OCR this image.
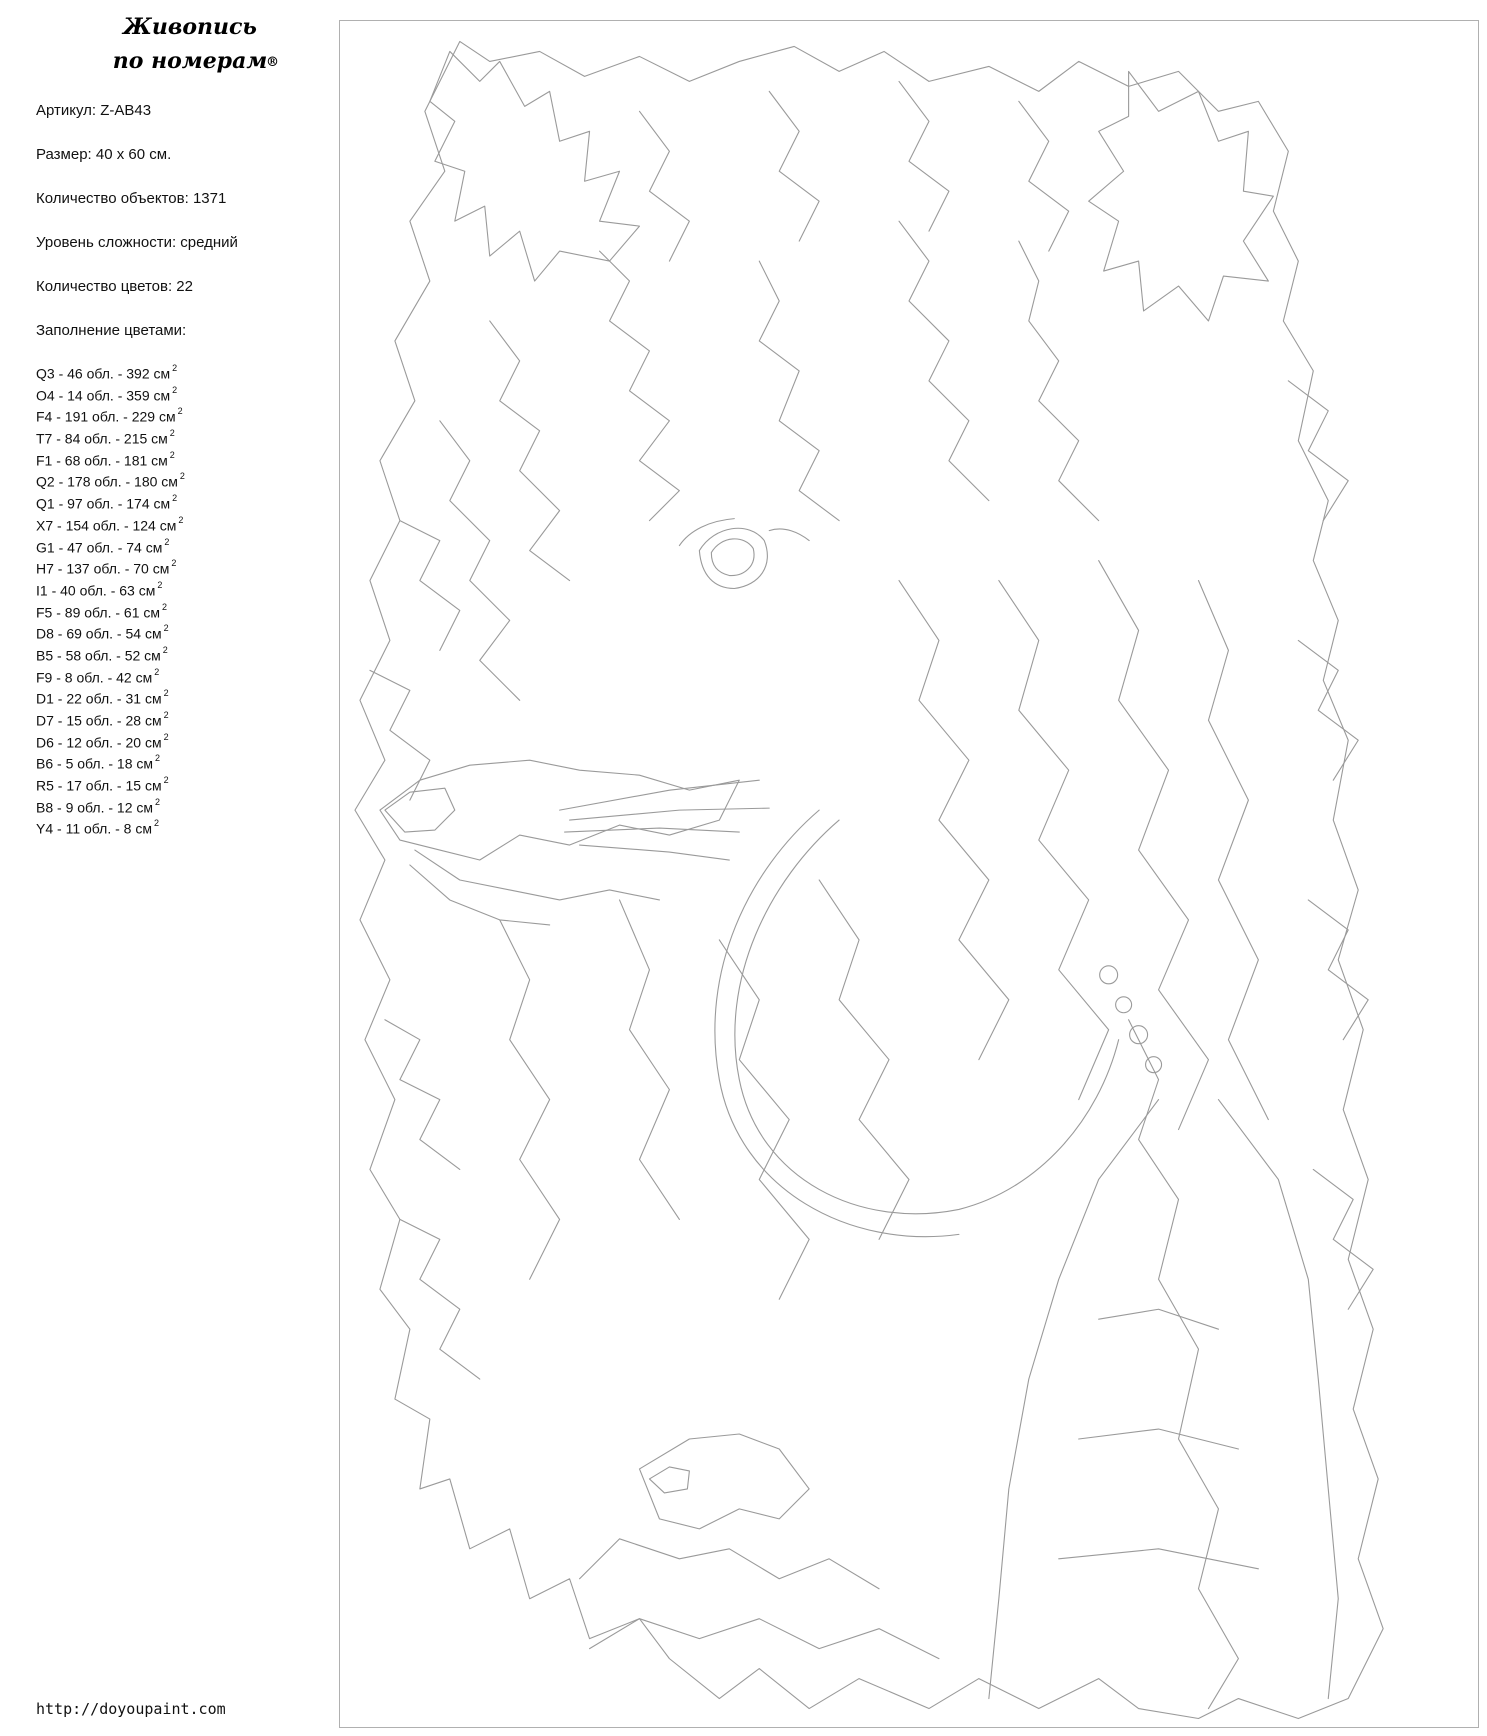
Живопись
по номерам
®
Артикул: Z-AB43
Размер: 40 х 60 см.
Количество объектов: 1371
Уровень сложности: средний
Количество цветов: 22
Заполнение цветами:
Q3 - 46 обл. - 392 см $^2$
O4 - 14 обл. - 359 см $^2$
F4 - 191 обл. - 229 см $^2$
T7 - 84 обл. - 215 см $^2$
F1 - 68 обл. - 181 см $^2$
Q2 - 178 обл. - 180 см $^2$
Q1 - 97 обл. - 174 см $^2$
X7 - 154 обл. - 124 см $^2$
G1 - 47 обл. - 74 см $^2$
H7 - 137 обл. - 70 см $^2$
I1 - 40 обл. - 63 см $^2$
F5 - 89 обл. - 61 см $^2$
D8 - 69 обл. - 54 см $^2$
B5 - 58 обл. - 52 см $^2$
F9 - 8 обл. - 42 см $^2$
D1 - 22 обл. - 31 см $^2$
D7 - 15 обл. - 28 см $^2$
D6 - 12 обл. - 20 см $^2$
B6 - 5 обл. - 18 см $^2$
R5 - 17 обл. - 15 см $^2$
B8 - 9 обл. - 12 см $^2$
Y4 - 11 обл. - 8 см $^2$
http://doyoupaint.com
